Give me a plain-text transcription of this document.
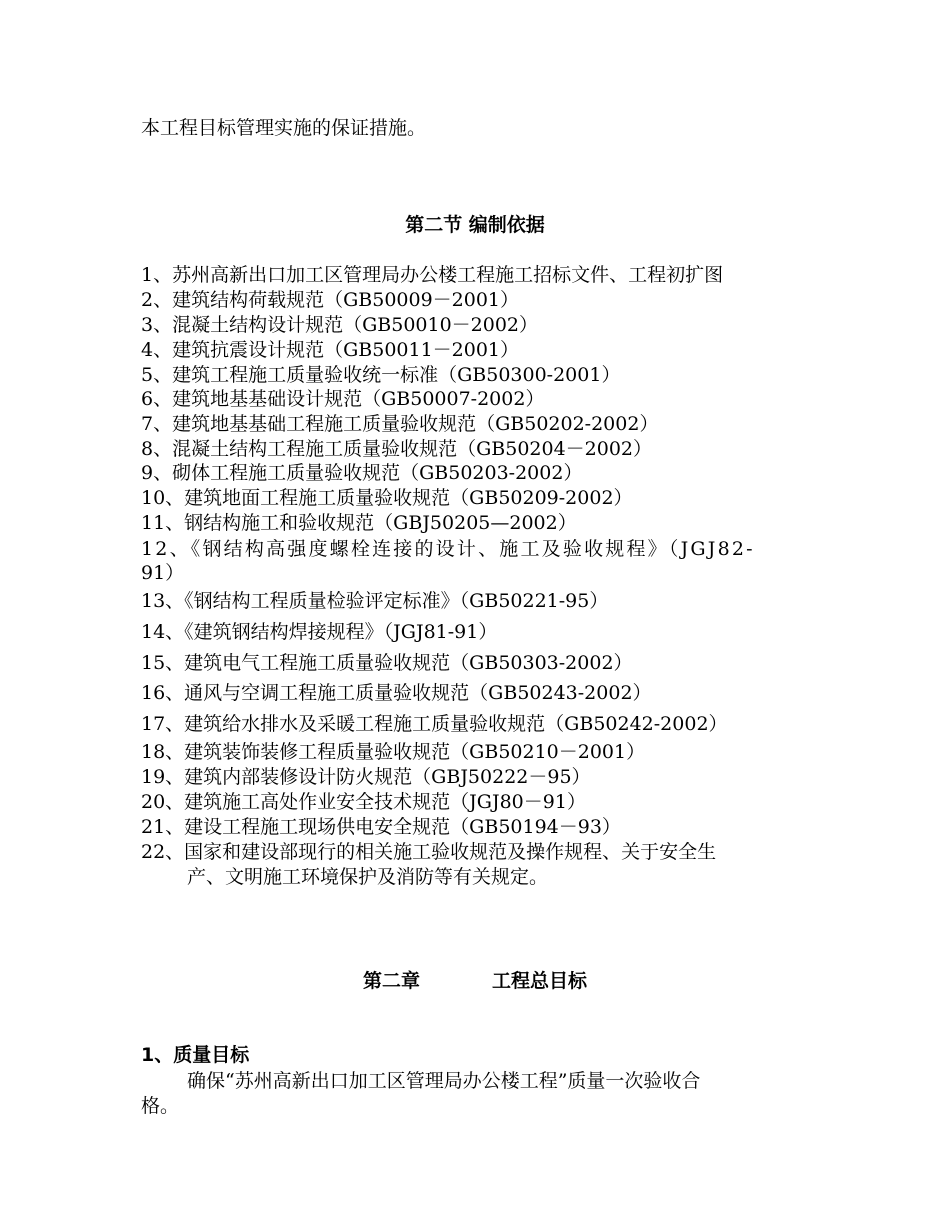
本工程目标管理实施的保证措施。
第二节 编制依据
1、苏州高新出口加工区管理局办公楼工程施工招标文件、工程初扩图
2、建筑结构荷载规范（GB50009－2001）
3、混凝土结构设计规范（GB50010－2002）
4、建筑抗震设计规范（GB50011－2001）
5、建筑工程施工质量验收统一标准（GB50300-2001）
6、建筑地基基础设计规范（GB50007-2002）
7、建筑地基基础工程施工质量验收规范（GB50202-2002）
8、混凝土结构工程施工质量验收规范（GB50204－2002）
9、砌体工程施工质量验收规范（GB50203-2002）
10、建筑地面工程施工质量验收规范（GB50209-2002）
11、钢结构施工和验收规范（GBJ50205—2002）
12、《钢结构高强度螺栓连接的设计、施工及验收规程》（JGJ82-
91）
13、《钢结构工程质量检验评定标准》（GB50221-95）
14、《建筑钢结构焊接规程》（JGJ81-91）
15、建筑电气工程施工质量验收规范（GB50303-2002）
16、通风与空调工程施工质量验收规范（GB50243-2002）
17、建筑给水排水及采暖工程施工质量验收规范（GB50242-2002）
18、建筑装饰装修工程质量验收规范（GB50210－2001）
19、建筑内部装修设计防火规范（GBJ50222－95）
20、建筑施工高处作业安全技术规范（JGJ80－91）
21、建设工程施工现场供电安全规范（GB50194－93）
22、国家和建设部现行的相关施工验收规范及操作规程、关于安全生
产、文明施工环境保护及消防等有关规定。
第二章	工程总目标
1、质量目标
确保“苏州高新出口加工区管理局办公楼工程”质量一次验收合
格。
